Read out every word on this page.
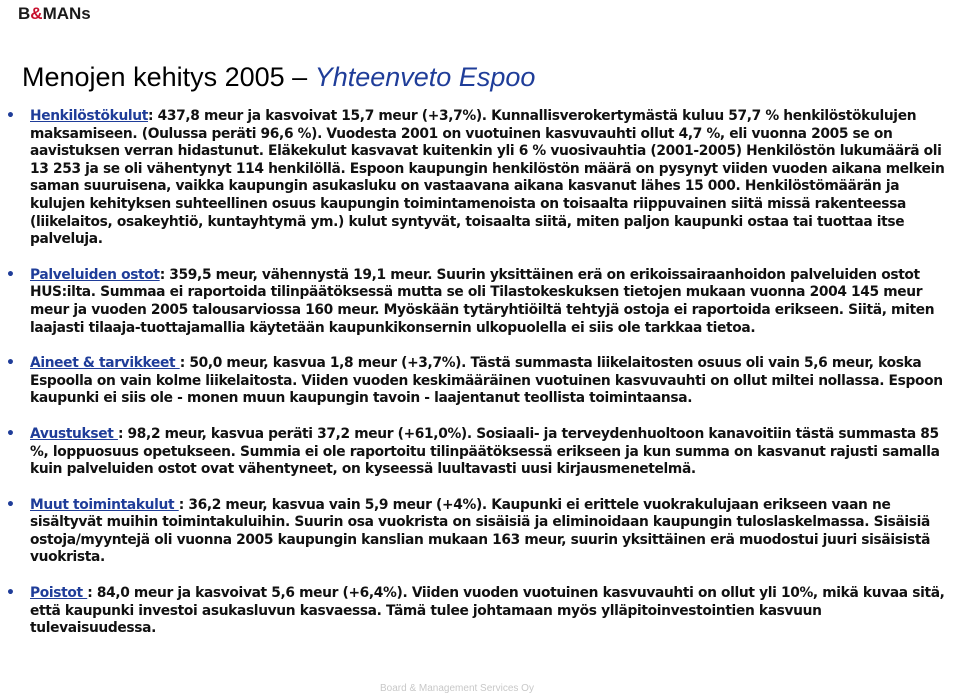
B&MANs
Menojen kehitys 2005 – Yhteenveto Espoo
• Henkilöstökulut: 437,8 meur ja kasvoivat 15,7 meur (+3,7%). Kunnallisverokertymästä kuluu 57,7 % henkilöstökulujen maksamiseen. (Oulussa peräti 96,6 %). Vuodesta 2001 on vuotuinen kasvuvauhti ollut 4,7 %, eli vuonna 2005 se on aavistuksen verran hidastunut. Eläkekulut kasvavat kuitenkin yli 6 % vuosivauhtia (2001-2005) Henkilöstön lukumäärä oli 13 253 ja se oli vähentynyt 114 henkilöllä. Espoon kaupungin henkilöstön määrä on pysynyt viiden vuoden aikana melkein saman suuruisena, vaikka kaupungin asukasluku on vastaavana aikana kasvanut lähes 15 000. Henkilöstömäärän ja kulujen kehityksen suhteellinen osuus kaupungin toimintamenoista on toisaalta riippuvainen siitä missä rakenteessa (liikelaitos, osakeyhtiö, kuntayhtymä ym.) kulut syntyvät, toisaalta siitä, miten paljon kaupunki ostaa tai tuottaa itse palveluja.
• Palveluiden ostot: 359,5 meur, vähennystä 19,1 meur. Suurin yksittäinen erä on erikoissairaanhoidon palveluiden ostot HUS:ilta. Summaa ei raportoida tilinpäätöksessä mutta se oli Tilastokeskuksen tietojen mukaan vuonna 2004 145 meur meur ja vuoden 2005 talousarviossa 160 meur. Myöskään tytäryhtiöiltä tehtyjä ostoja ei raportoida erikseen. Siitä, miten laajasti tilaaja-tuottajamallia käytetään kaupunkikonsernin ulkopuolella ei siis ole tarkkaa tietoa.
• Aineet & tarvikkeet : 50,0 meur, kasvua 1,8 meur (+3,7%). Tästä summasta liikelaitosten osuus oli vain 5,6 meur, koska Espoolla on vain kolme liikelaitosta. Viiden vuoden keskimääräinen vuotuinen kasvuvauhti on ollut miltei nollassa. Espoon kaupunki ei siis ole - monen muun kaupungin tavoin - laajentanut teollista toimintaansa.
• Avustukset : 98,2 meur, kasvua peräti 37,2 meur (+61,0%). Sosiaali- ja terveydenhuoltoon kanavoitiin tästä summasta 85 %, loppuosuus opetukseen. Summia ei ole raportoitu tilinpäätöksessä erikseen ja kun summa on kasvanut rajusti samalla kuin palveluiden ostot ovat vähentyneet, on kyseessä luultavasti uusi kirjausmenetelmä.
• Muut toimintakulut : 36,2 meur, kasvua vain 5,9 meur (+4%). Kaupunki ei erittele vuokrakulujaan erikseen vaan ne sisältyvät muihin toimintakuluihin. Suurin osa vuokrista on sisäisiä ja eliminoidaan kaupungin tuloslaskelmassa. Sisäisiä ostoja/myyntejä oli vuonna 2005 kaupungin kanslian mukaan 163 meur, suurin yksittäinen erä muodostui juuri sisäisistä vuokrista.
• Poistot : 84,0 meur ja kasvoivat 5,6 meur (+6,4%). Viiden vuoden vuotuinen kasvuvauhti on ollut yli 10%, mikä kuvaa sitä, että kaupunki investoi asukasluvun kasvaessa. Tämä tulee johtamaan myös ylläpitoinvestointien kasvuun tulevaisuudessa.
Board & Management Services Oy
